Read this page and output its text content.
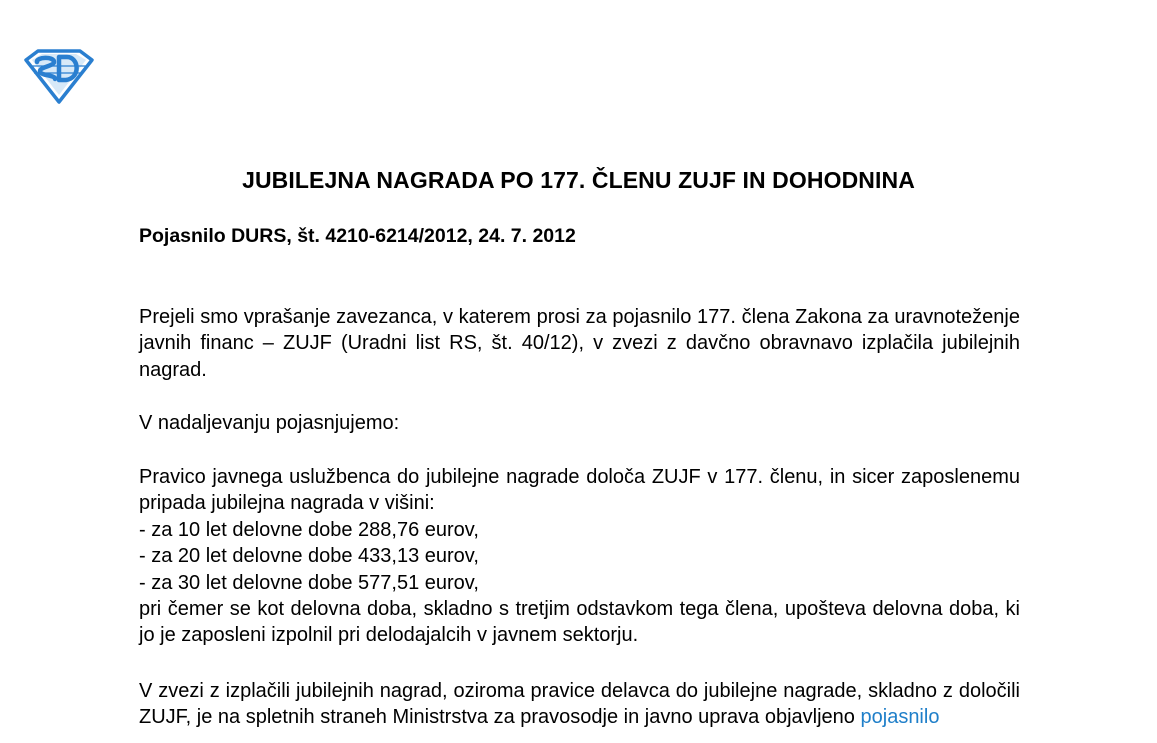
JUBILEJNA NAGRADA PO 177. ČLENU ZUJF IN DOHODNINA
Pojasnilo DURS, št. 4210-6214/2012, 24. 7. 2012
Prejeli smo vprašanje zavezanca, v katerem prosi za pojasnilo 177. člena Zakona za uravnoteženje javnih financ – ZUJF (Uradni list RS, št. 40/12), v zvezi z davčno obravnavo izplačila jubilejnih nagrad.
V nadaljevanju pojasnjujemo:
Pravico javnega uslužbenca do jubilejne nagrade določa ZUJF v 177. členu, in sicer zaposlenemu pripada jubilejna nagrada v višini:
- za 10 let delovne dobe 288,76 eurov,
- za 20 let delovne dobe 433,13 eurov,
- za 30 let delovne dobe 577,51 eurov,
pri čemer se kot delovna doba, skladno s tretjim odstavkom tega člena, upošteva delovna doba, ki jo je zaposleni izpolnil pri delodajalcih v javnem sektorju.
V zvezi z izplačili jubilejnih nagrad, oziroma pravice delavca do jubilejne nagrade, skladno z določili ZUJF, je na spletnih straneh Ministrstva za pravosodje in javno uprava objavljeno pojasnilo
